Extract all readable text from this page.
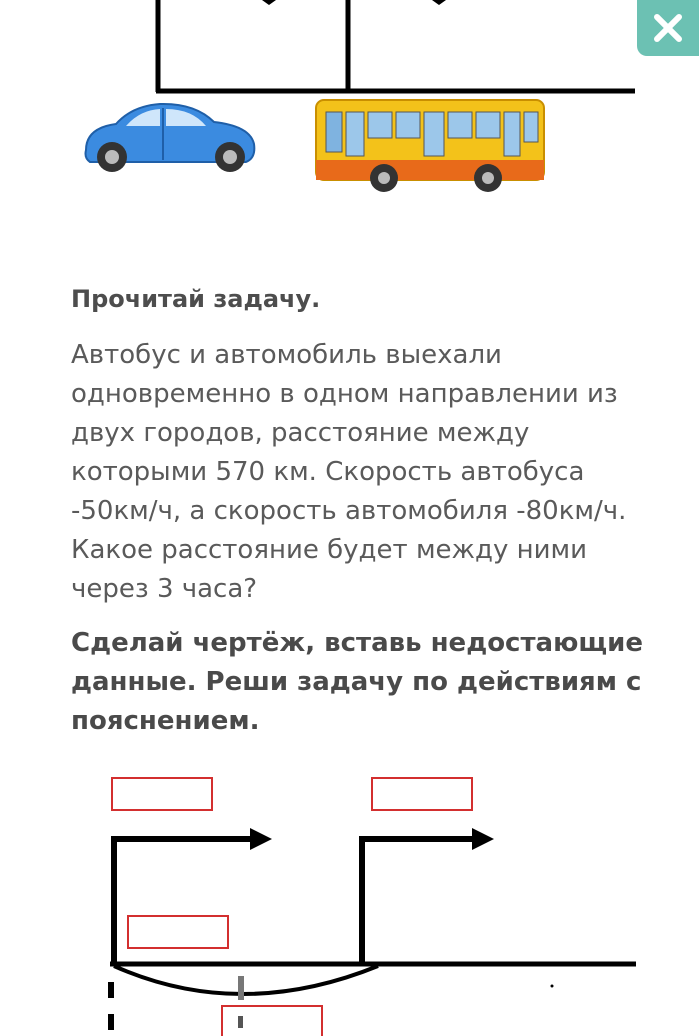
Прочитай задачу.
Автобус и автомобиль выехали
одновременно в одном направлении из
двух городов, расстояние между
которыми 570 км. Скорость автобуса
-50км/ч, а скорость автомобиля -80км/ч.
Какое расстояние будет между ними
через 3 часа?
Сделай чертёж, вставь недостающие
данные. Реши задачу по действиям с
пояснением.
